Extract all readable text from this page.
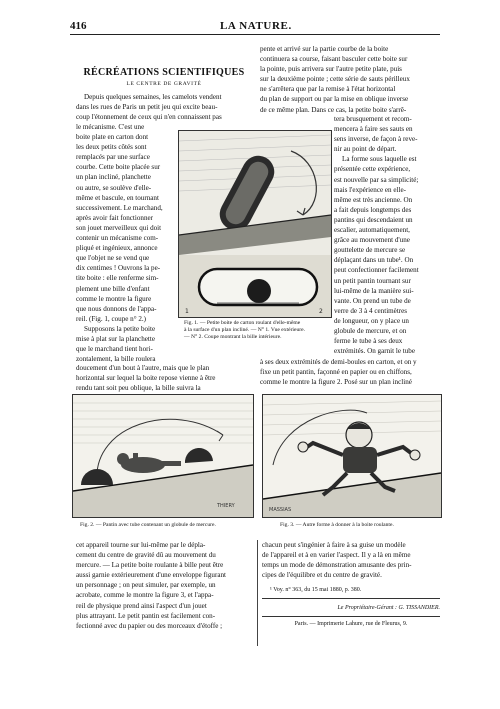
416	LA NATURE.
RÉCRÉATIONS SCIENTIFIQUES
LE CENTRE DE GRAVITÉ

Depuis quelques semaines, les camelots vendent

dans les rues de Paris un petit jeu qui excite beau-

coup l'étonnement de ceux qui n'en connaissent pas

le mécanisme. C'est une

boite plate en carton dont

les deux petits côtés sont

remplacés par une surface

courbe. Cette boite placée sur

un plan incliné, planchette

ou autre, se soulève d'elle-

même et bascule, en tournant

successivement. Le marchand,

après avoir fait fonctionner

son jouet merveilleux qui doit

contenir un mécanisme com-

pliqué et ingénieux, annonce

que l'objet ne se vend que

dix centimes ! Ouvrons la pe-

tite boite : elle renferme sim-

plement une bille d'enfant

comme le montre la figure

que nous donnons de l'appa-

reil. (Fig. 1, coupe n° 2.)

Supposons la petite boite

mise à plat sur la planchette

que le marchand tient hori-

zontalement, la bille roulera

1	2
Fig. 1. — Petite boite de carton roulant d'elle-même
à la surface d'un plan incliné. — N° 1. Vue extérieure.
— N° 2. Coupe montrant la bille intérieure.

doucement d'un bout à l'autre, mais que le plan

horizontal sur lequel la boite repose vienne à être

rendu tant soit peu oblique, la bille suivra la

pente et arrivé sur la partie courbe de la boite

continuera sa course, faisant basculer cette boite sur

la pointe, puis arrivera sur l'autre petite plate, puis

sur la deuxième pointe ; cette série de sauts périlleux

ne s'arrêtera que par la remise à l'état horizontal

du plan de support ou par la mise en oblique inverse

de ce même plan. Dans ce cas, la petite boite s'arrê-

tera brusquement et recom-

mencera à faire ses sauts en

sens inverse, de façon à reve-

nir au point de départ.

La forme sous laquelle est

présentée cette expérience,

est nouvelle par sa simplicité;

mais l'expérience en elle-

même est très ancienne. On

a fait depuis longtemps des

pantins qui descendaient un

escalier, automatiquement,

grâce au mouvement d'une

gouttelette de mercure se

déplaçant dans un tube¹. On

peut confectionner facilement

un petit pantin tournant sur

lui-même de la manière sui-

vante. On prend un tube de

verre de 3 à 4 centimètres

de longueur, on y place un

globule de mercure, et on

ferme le tube à ses deux

extrémités. On garnit le tube

à ses deux extrémités de demi-boules en carton, et on y

fixe un petit pantin, façonné en papier ou en chiffons,

comme le montre la figure 2. Posé sur un plan incliné

THIERY
Fig. 2. — Pantin avec tube contenant un globule de mercure.
MASSIAS
Fig. 3. — Autre forme à donner à la boite roulante.

cet appareil tourne sur lui-même par le dépla-

cement du centre de gravité dû au mouvement du

mercure. — La petite boite roulante à bille peut être

aussi garnie extérieurement d'une enveloppe figurant

un personnage ; on peut simuler, par exemple, un

acrobate, comme le montre la figure 3, et l'appa-

reil de physique prend ainsi l'aspect d'un jouet

plus attrayant. Le petit pantin est facilement con-

fectionné avec du papier ou des morceaux d'étoffe ;

chacun peut s'ingénier à faire à sa guise un modèle

de l'appareil et à en varier l'aspect. Il y a là en même

temps un mode de démonstration amusante des prin-

cipes de l'équilibre et du centre de gravité.

¹ Voy. n° 363, du 15 mai 1880, p. 380.
Le Propriétaire-Gérant : G. TISSANDIER.
Paris. — Imprimerie Lahure, rue de Fleurus, 9.
